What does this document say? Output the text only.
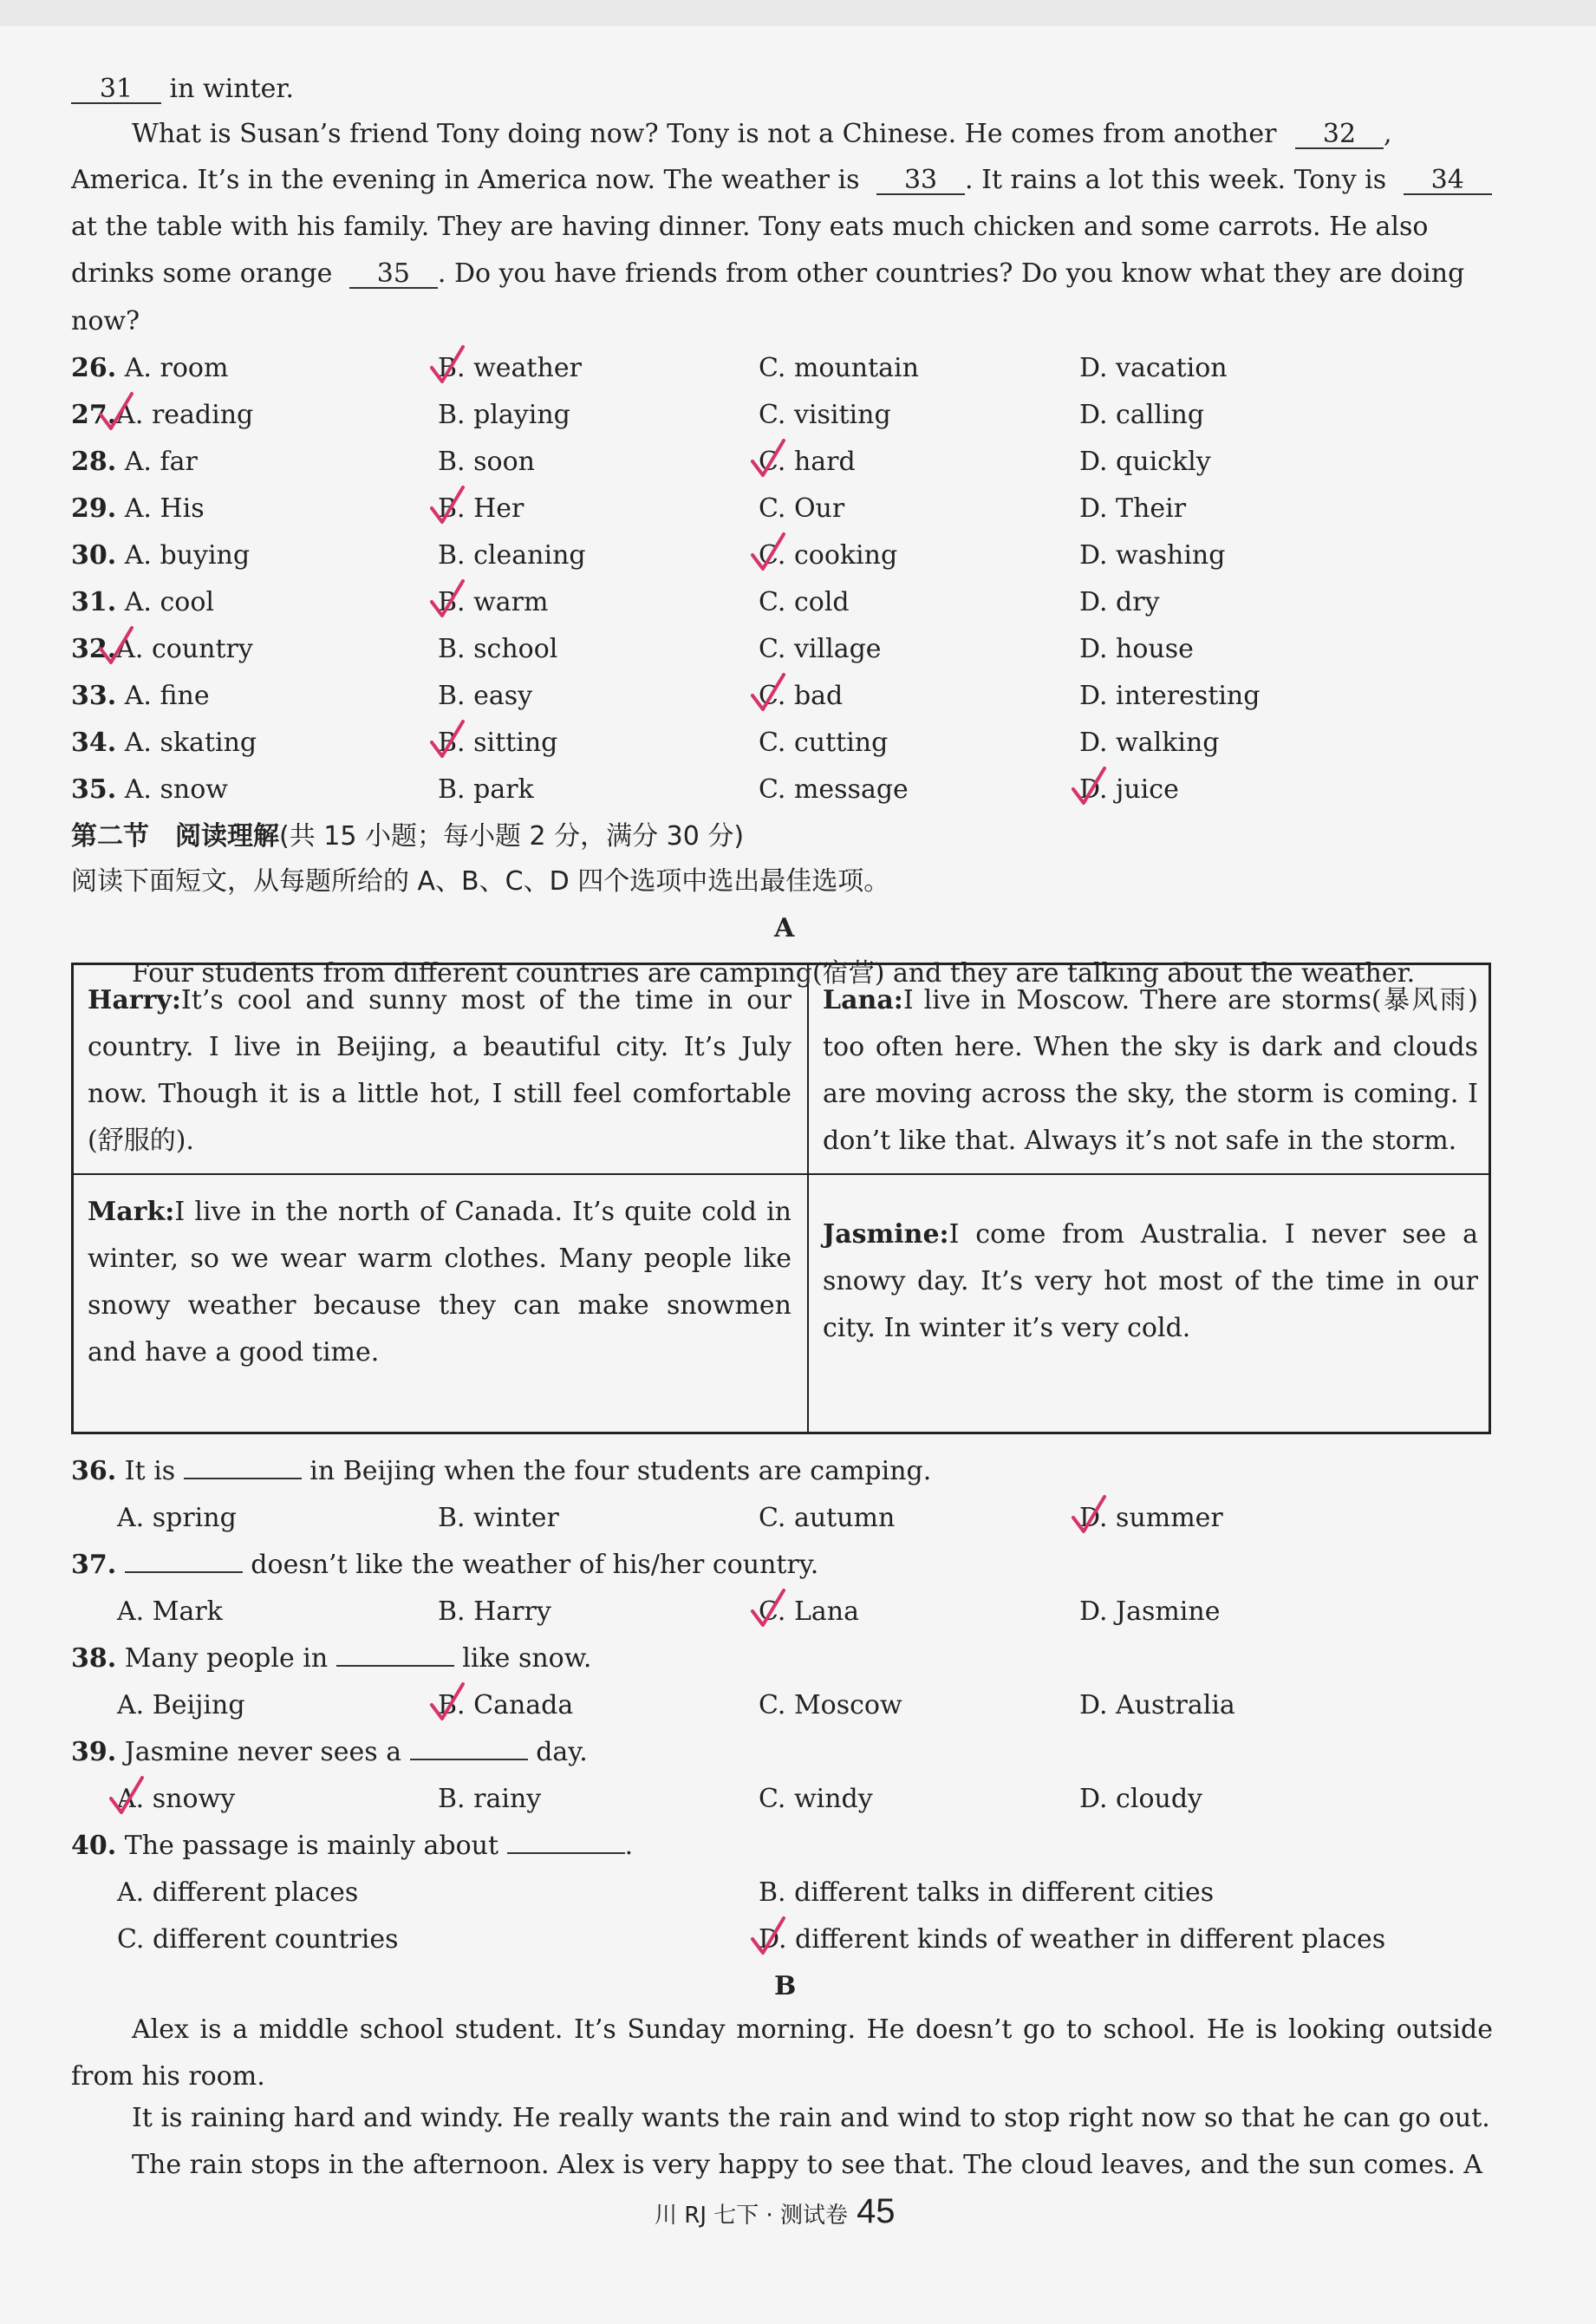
31 in winter.
What is Susan’s friend Tony doing now? Tony is not a Chinese. He comes from another 32 ,
America. It’s in the evening in America now. The weather is 33 . It rains a lot this week. Tony is 34
at the table with his family. They are having dinner. Tony eats much chicken and some carrots. He also
drinks some orange 35 . Do you have friends from other countries? Do you know what they are doing
now?
26. A. room	B. weather	C. mountain	D. vacation
27.A. reading	B. playing	C. visiting	D. calling
28. A. far	B. soon	C. hard	D. quickly
29. A. His	B. Her	C. Our	D. Their
30. A. buying	B. cleaning	C. cooking	D. washing
31. A. cool	B. warm	C. cold	D. dry
32.A. country	B. school	C. village	D. house
33. A. fine	B. easy	C. bad	D. interesting
34. A. skating	B. sitting	C. cutting	D. walking
35. A. snow	B. park	C. message	D. juice
第二节　阅读理解(共 15 小题；每小题 2 分，满分 30 分)
阅读下面短文，从每题所给的 A、B、C、D 四个选项中选出最佳选项。
A
Four students from different countries are camping(宿营) and they are talking about the weather.
Harry:It’s cool and sunny most of the time in our country. I live in Beijing, a beautiful city. It’s July now. Though it is a little hot, I still feel comfortable (舒服的).
Lana:I live in Moscow. There are storms(暴风雨) too often here. When the sky is dark and clouds are moving across the sky, the storm is coming. I don’t like that. Always it’s not safe in the storm.
Mark:I live in the north of Canada. It’s quite cold in winter, so we wear warm clothes. Many people like snowy weather because they can make snowmen and have a good time.
Jasmine:I come from Australia. I never see a snowy day. It’s very hot most of the time in our city. In winter it’s very cold.
36. It is	in Beijing when the four students are camping.
A. spring	B. winter	C. autumn	D. summer
37.	doesn’t like the weather of his/her country.
A. Mark	B. Harry	C. Lana	D. Jasmine
38. Many people in	like snow.
A. Beijing	B. Canada	C. Moscow	D. Australia
39. Jasmine never sees a	day.
A. snowy	B. rainy	C. windy	D. cloudy
40. The passage is mainly about	.
A. different places	B. different talks in different cities
C. different countries	D. different kinds of weather in different places
B
Alex is a middle school student. It’s Sunday morning. He doesn’t go to school. He is looking outside from his room.
It is raining hard and windy. He really wants the rain and wind to stop right now so that he can go out.
The rain stops in the afternoon. Alex is very happy to see that. The cloud leaves, and the sun comes. A
川 RJ 七下 · 测试卷 45
